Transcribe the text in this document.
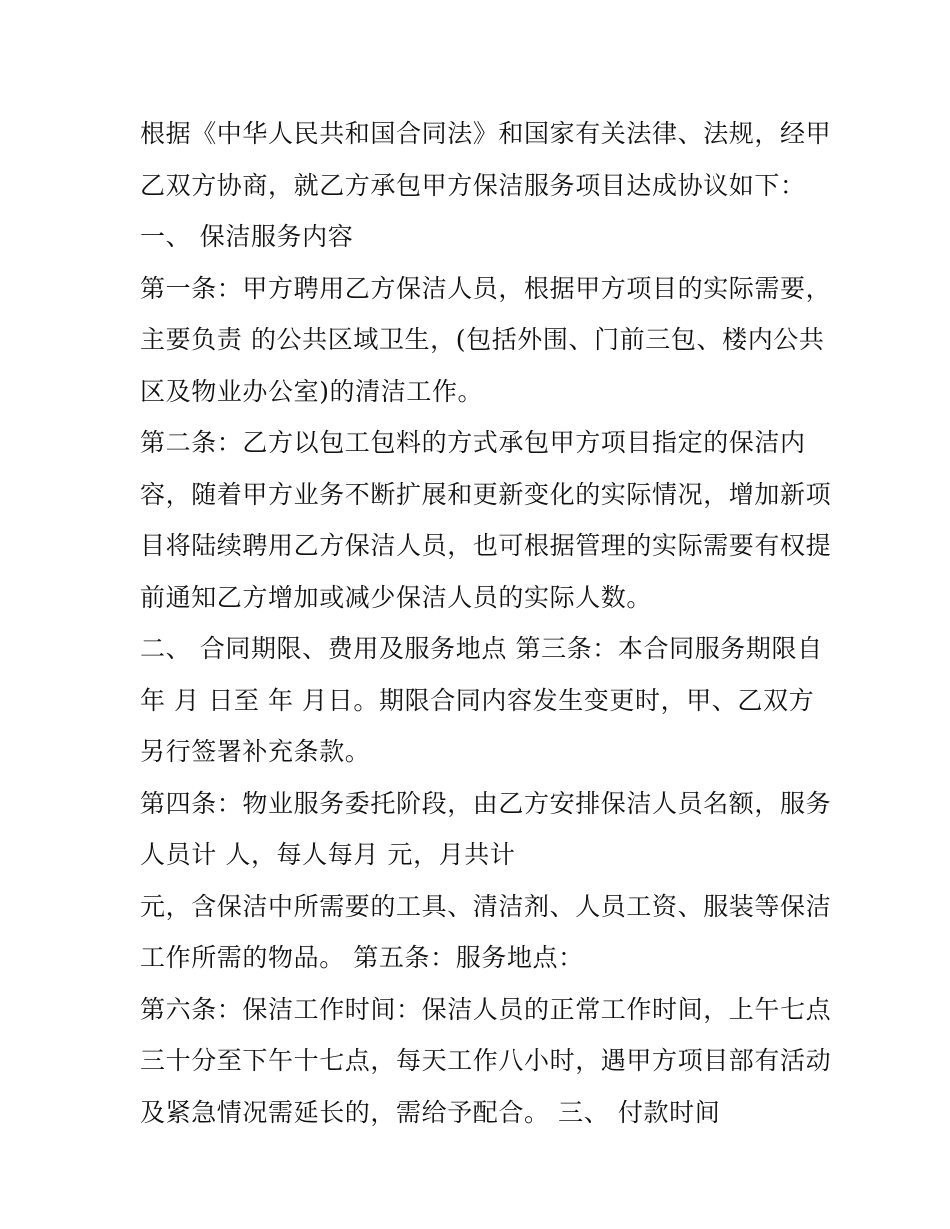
根据《中华人民共和国合同法》和国家有关法律、法规，经甲
乙双方协商，就乙方承包甲方保洁服务项目达成协议如下：
一、 保洁服务内容
第一条：甲方聘用乙方保洁人员，根据甲方项目的实际需要，
主要负责 的公共区域卫生，(包括外围、门前三包、楼内公共
区及物业办公室)的清洁工作。
第二条：乙方以包工包料的方式承包甲方项目指定的保洁内
容，随着甲方业务不断扩展和更新变化的实际情况，增加新项
目将陆续聘用乙方保洁人员，也可根据管理的实际需要有权提
前通知乙方增加或减少保洁人员的实际人数。
二、 合同期限、费用及服务地点 第三条：本合同服务期限自
年 月 日至 年 月日。期限合同内容发生变更时，甲、乙双方
另行签署补充条款。
第四条：物业服务委托阶段，由乙方安排保洁人员名额，服务
人员计 人，每人每月 元，月共计
元，含保洁中所需要的工具、清洁剂、人员工资、服装等保洁
工作所需的物品。 第五条：服务地点：
第六条：保洁工作时间：保洁人员的正常工作时间，上午七点
三十分至下午十七点，每天工作八小时，遇甲方项目部有活动
及紧急情况需延长的，需给予配合。 三、 付款时间
